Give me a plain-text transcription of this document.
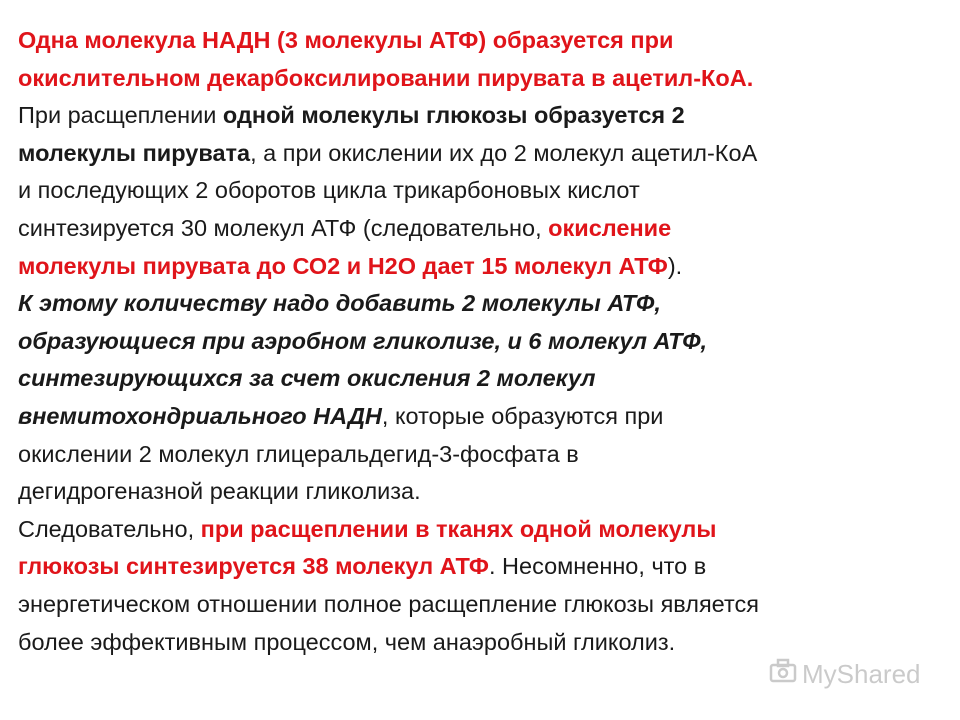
Одна молекула НАДН (3 молекулы АТФ) образуется при
окислительном декарбоксилировании пирувата в ацетил-КоА.
При расщеплении одной молекулы глюкозы образуется 2
молекулы пирувата, а при окислении их до 2 молекул ацетил-КоА
и последующих 2 оборотов цикла трикарбоновых кислот
синтезируется 30 молекул АТФ (следовательно, окисление
молекулы пирувата до СО2 и Н2О дает 15 молекул АТФ).
К этому количеству надо добавить 2 молекулы АТФ,
образующиеся при аэробном гликолизе, и 6 молекул АТФ,
синтезирующихся за счет окисления 2 молекул
внемитохондриального НАДН, которые образуются при
окислении 2 молекул глицеральдегид-3-фосфата в
дегидрогеназной реакции гликолиза.
Следовательно, при расщеплении в тканях одной молекулы
глюкозы синтезируется 38 молекул АТФ. Несомненно, что в
энергетическом отношении полное расщепление глюкозы является
более эффективным процессом, чем анаэробный гликолиз.
MyShared
